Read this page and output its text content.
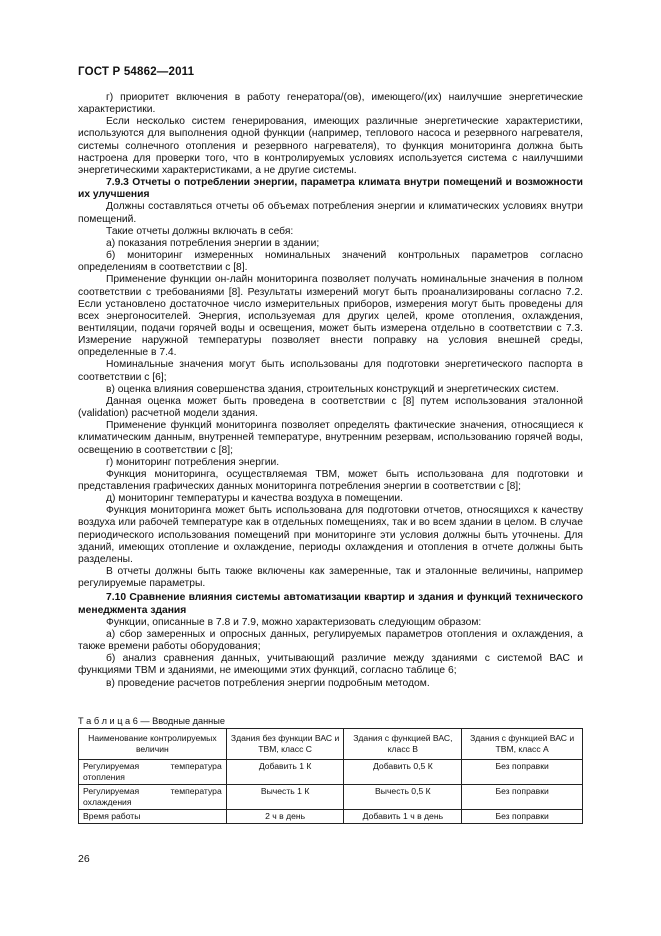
ГОСТ Р 54862—2011

г) приоритет включения в работу генератора/(ов), имеющего/(их) наилучшие энергетические характеристики.

Если несколько систем генерирования, имеющих различные энергетические характеристики, используются для выполнения одной функции (например, теплового насоса и резервного нагревателя, системы солнечного отопления и резервного нагревателя), то функция мониторинга должна быть настроена для проверки того, что в контролируемых условиях используется система с наилучшими энергетическими характеристиками, а не другие системы.

7.9.3 Отчеты о потреблении энергии, параметра климата внутри помещений и возможности их улучшения

Должны составляться отчеты об объемах потребления энергии и климатических условиях внутри помещений.

Такие отчеты должны включать в себя:

а) показания потребления энергии в здании;

б) мониторинг измеренных номинальных значений контрольных параметров согласно определениям в соответствии с [8].

Применение функции он-лайн мониторинга позволяет получать номинальные значения в полном соответствии с требованиями [8]. Результаты измерений могут быть проанализированы согласно 7.2. Если установлено достаточное число измерительных приборов, измерения могут быть проведены для всех энергоносителей. Энергия, используемая для других целей, кроме отопления, охлаждения, вентиляции, подачи горячей воды и освещения, может быть измерена отдельно в соответствии с 7.3. Измерение наружной температуры позволяет внести поправку на условия внешней среды, определенные в 7.4.

Номинальные значения могут быть использованы для подготовки энергетического паспорта в соответствии с [6];

в) оценка влияния совершенства здания, строительных конструкций и энергетических систем.

Данная оценка может быть проведена в соответствии с [8] путем использования эталонной (validation) расчетной модели здания.

Применение функций мониторинга позволяет определять фактические значения, относящиеся к климатическим данным, внутренней температуре, внутренним резервам, использованию горячей воды, освещению в соответствии с [8];

г) мониторинг потребления энергии.

Функция мониторинга, осуществляемая ТВМ, может быть использована для подготовки и представления графических данных мониторинга потребления энергии в соответствии с [8];

д) мониторинг температуры и качества воздуха в помещении.

Функция мониторинга может быть использована для подготовки отчетов, относящихся к качеству воздуха или рабочей температуре как в отдельных помещениях, так и во всем здании в целом. В случае периодического использования помещений при мониторинге эти условия должны быть уточнены. Для зданий, имеющих отопление и охлаждение, периоды охлаждения и отопления в отчете должны быть разделены.

В отчеты должны быть также включены как замеренные, так и эталонные величины, например регулируемые параметры.

7.10 Сравнение влияния системы автоматизации квартир и здания и функций технического менеджмента здания

Функции, описанные в 7.8 и 7.9, можно характеризовать следующим образом:

а) сбор замеренных и опросных данных, регулируемых параметров отопления и охлаждения, а также времени работы оборудования;

б) анализ сравнения данных, учитывающий различие между зданиями с системой ВАС и функциями ТВМ и зданиями, не имеющими этих функций, согласно таблице 6;

в) проведение расчетов потребления энергии подробным методом.

Т а б л и ц а 6 — Вводные данные
Наименование контролируемых величин	Здания без функции ВАС и ТВМ, класс С	Здания с функцией ВАС, класс В	Здания с функцией ВАС и ТВМ, класс А
Регулируемая температура отопления	Добавить 1 К	Добавить 0,5 К	Без поправки
Регулируемая температура охлаждения	Вычесть 1 К	Вычесть 0,5 К	Без поправки
Время работы	2 ч в день	Добавить 1 ч в день	Без поправки
26
